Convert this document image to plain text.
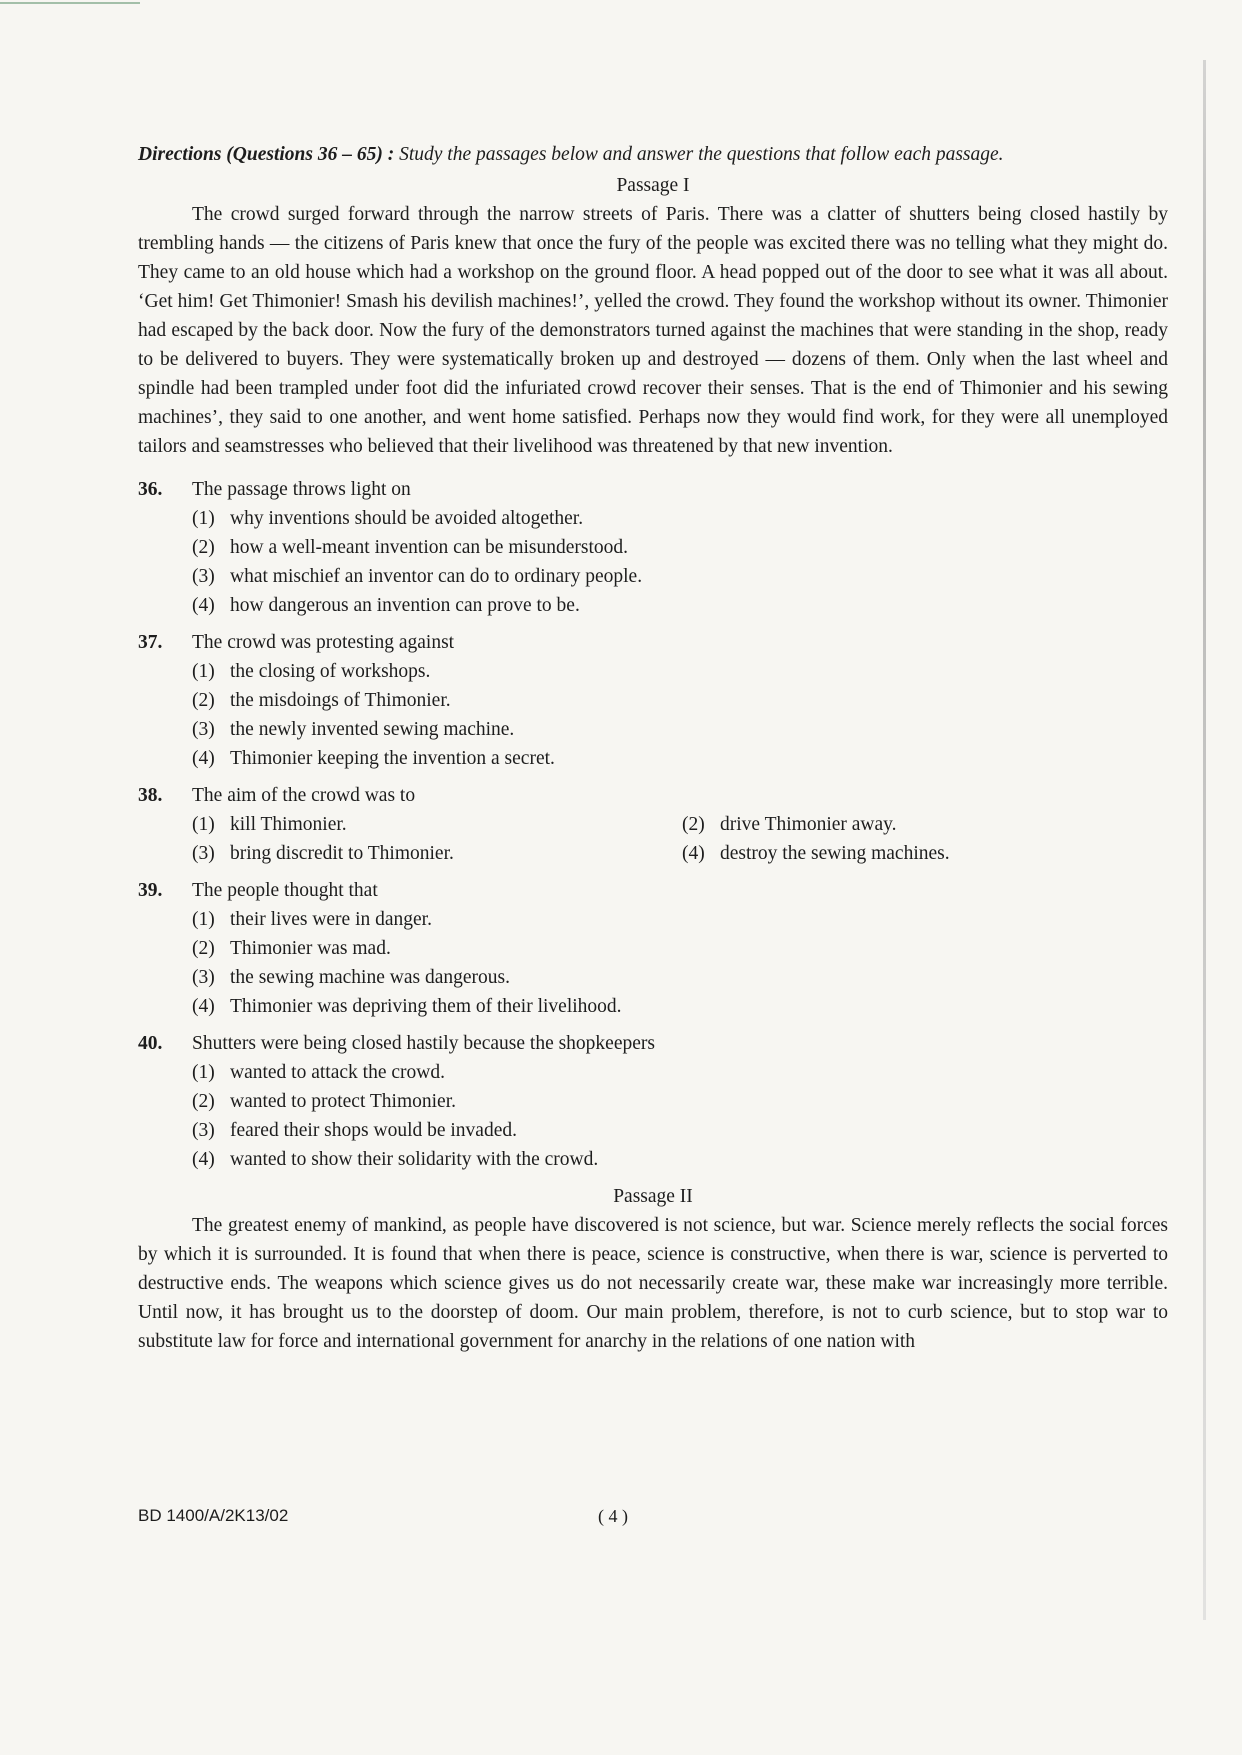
Directions (Questions 36 – 65) : Study the passages below and answer the questions that follow each passage.
Passage I
The crowd surged forward through the narrow streets of Paris. There was a clatter of shutters being closed hastily by trembling hands — the citizens of Paris knew that once the fury of the people was excited there was no telling what they might do. They came to an old house which had a workshop on the ground floor. A head popped out of the door to see what it was all about. ‘Get him! Get Thimonier! Smash his devilish machines!’, yelled the crowd. They found the workshop without its owner. Thimonier had escaped by the back door. Now the fury of the demonstrators turned against the machines that were standing in the shop, ready to be delivered to buyers. They were systematically broken up and destroyed — dozens of them. Only when the last wheel and spindle had been trampled under foot did the infuriated crowd recover their senses. That is the end of Thimonier and his sewing machines’, they said to one another, and went home satisfied. Perhaps now they would find work, for they were all unemployed tailors and seamstresses who believed that their livelihood was threatened by that new invention.
36.	The passage throws light on
(1) why inventions should be avoided altogether.
(2) how a well-meant invention can be misunderstood.
(3) what mischief an inventor can do to ordinary people.
(4) how dangerous an invention can prove to be.
37.	The crowd was protesting against
(1) the closing of workshops.
(2) the misdoings of Thimonier.
(3) the newly invented sewing machine.
(4) Thimonier keeping the invention a secret.
38.	The aim of the crowd was to
(1) kill Thimonier.	(2) drive Thimonier away.
(3) bring discredit to Thimonier.	(4) destroy the sewing machines.
39.	The people thought that
(1) their lives were in danger.
(2) Thimonier was mad.
(3) the sewing machine was dangerous.
(4) Thimonier was depriving them of their livelihood.
40.	Shutters were being closed hastily because the shopkeepers
(1) wanted to attack the crowd.
(2) wanted to protect Thimonier.
(3) feared their shops would be invaded.
(4) wanted to show their solidarity with the crowd.
Passage II
The greatest enemy of mankind, as people have discovered is not science, but war. Science merely reflects the social forces by which it is surrounded. It is found that when there is peace, science is constructive, when there is war, science is perverted to destructive ends. The weapons which science gives us do not necessarily create war, these make war increasingly more terrible. Until now, it has brought us to the doorstep of doom. Our main problem, therefore, is not to curb science, but to stop war to substitute law for force and international government for anarchy in the relations of one nation with
BD 1400/A/2K13/02	( 4 )
